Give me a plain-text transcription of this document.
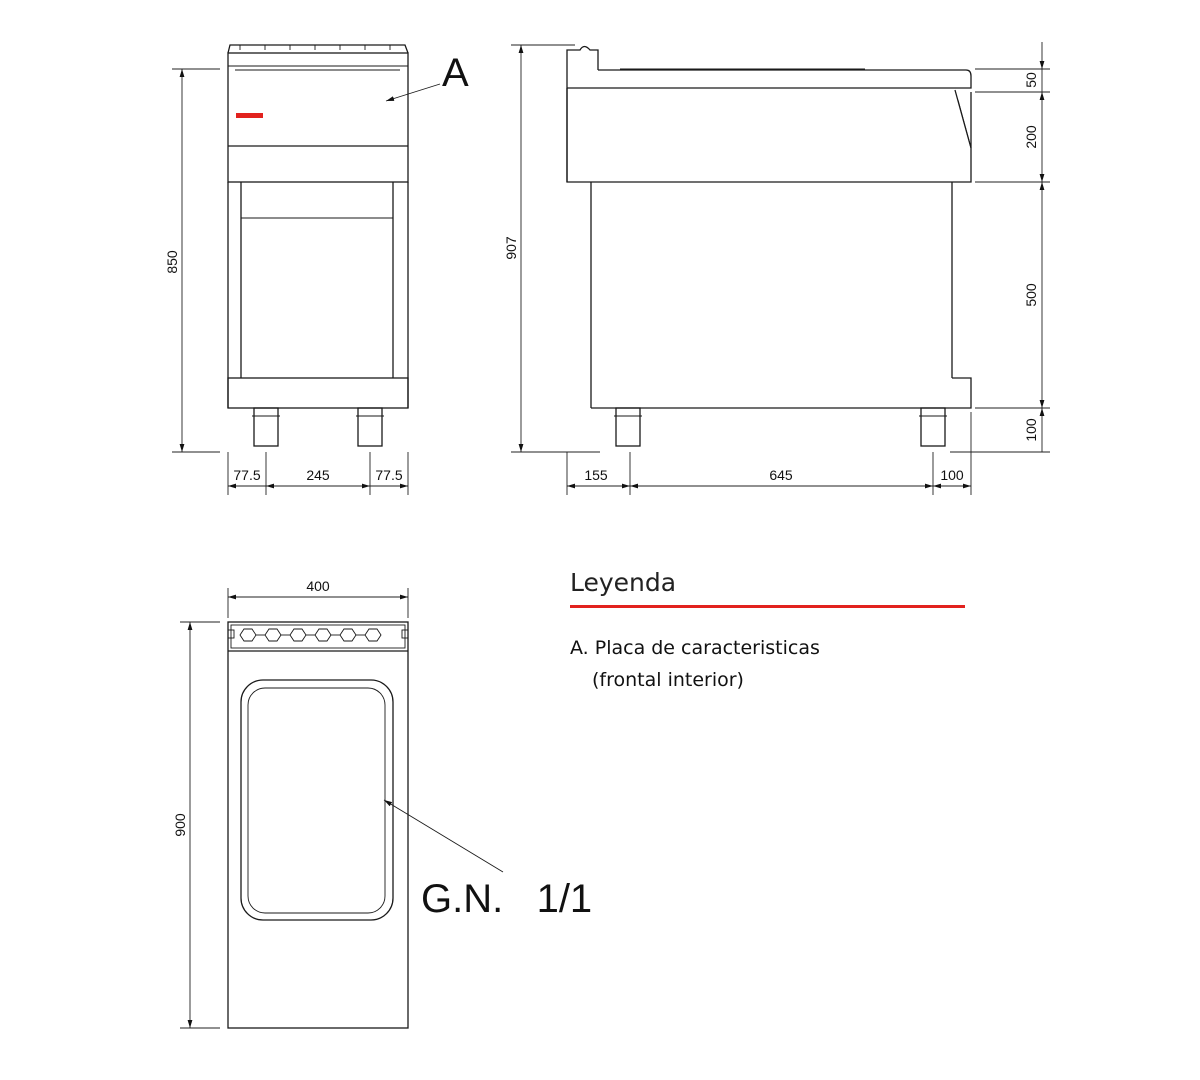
A
850
77.5	245	77.5
907
50
200
500
100
155	645	100
G.N.   1/1
400
900
Leyenda
A. Placa de caracteristicas
(frontal interior)
